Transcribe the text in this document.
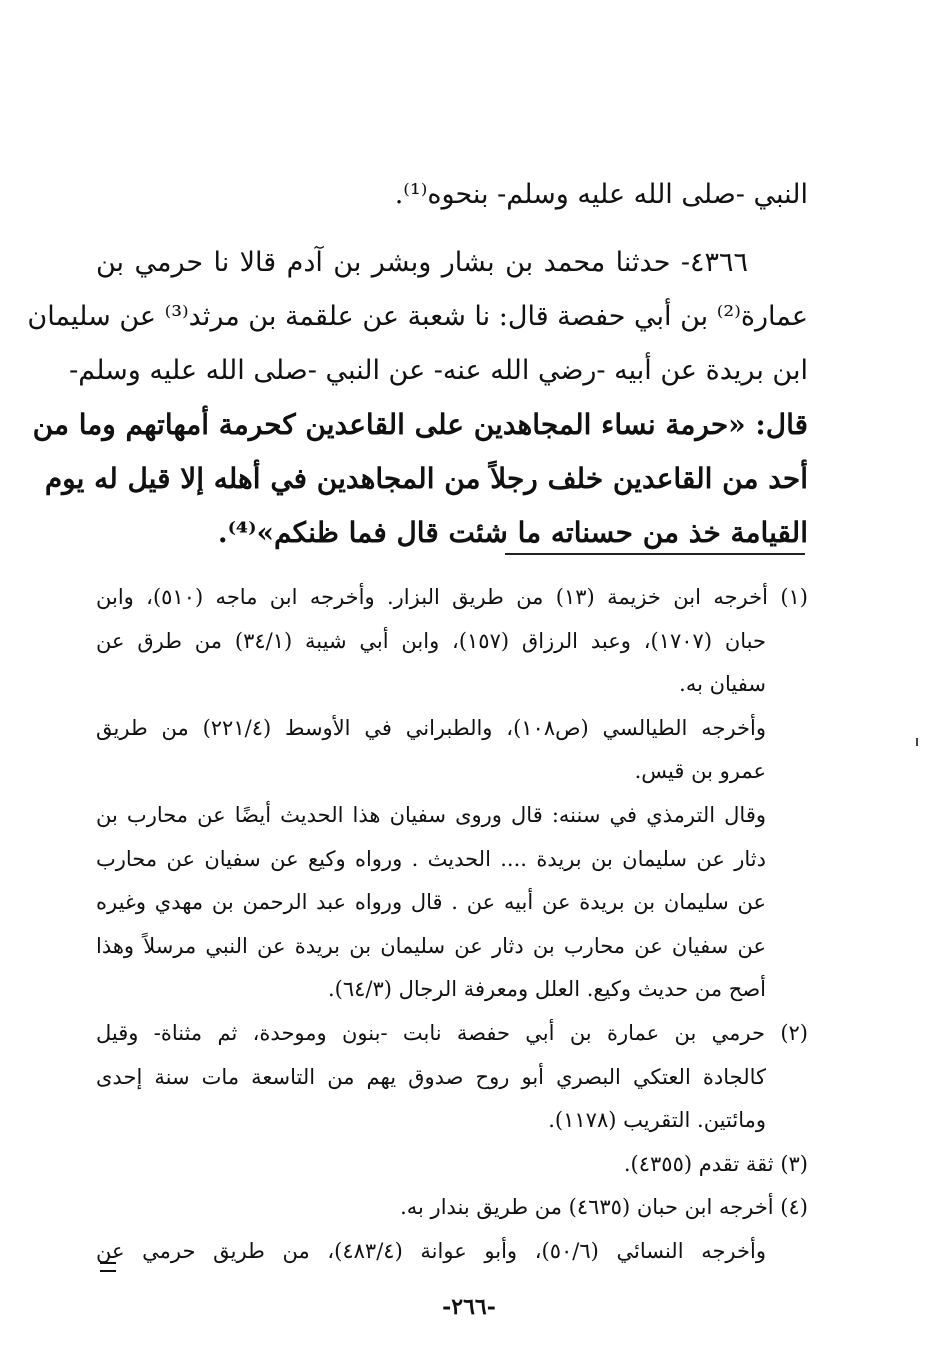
النبي -صلى الله عليه وسلم- بنحوه⁽¹⁾.
٤٣٦٦- حدثنا محمد بن بشار وبشر بن آدم قالا نا حرمي بن
عمارة⁽²⁾ بن أبي حفصة قال: نا شعبة عن علقمة بن مرثد⁽³⁾ عن سليمان
ابن بريدة عن أبيه -رضي الله عنه- عن النبي -صلى الله عليه وسلم-
قال: «حرمة نساء المجاهدين على القاعدين كحرمة أمهاتهم وما من
أحد من القاعدين خلف رجلاً من المجاهدين في أهله إلا قيل له يوم
القيامة خذ من حسناته ما شئت قال فما ظنكم»⁽⁴⁾.
(١) أخرجه ابن خزيمة (١٣) من طريق البزار. وأخرجه ابن ماجه (٥١٠)، وابن
حبان (١٧٠٧)، وعبد الرزاق (١٥٧)، وابن أبي شيبة (٣٤/١) من طرق عن
سفيان به.
وأخرجه الطيالسي (ص١٠٨)، والطبراني في الأوسط (٢٢١/٤) من طريق
عمرو بن قيس.
وقال الترمذي في سننه: قال وروى سفيان هذا الحديث أيضًا عن محارب بن
دثار عن سليمان بن بريدة .... الحديث . ورواه وكيع عن سفيان عن محارب
عن سليمان بن بريدة عن أبيه عن . قال ورواه عبد الرحمن بن مهدي وغيره
عن سفيان عن محارب بن دثار عن سليمان بن بريدة عن النبي مرسلاً وهذا
أصح من حديث وكيع. العلل ومعرفة الرجال (٦٤/٣).
(٢) حرمي بن عمارة بن أبي حفصة نابت -بنون وموحدة، ثم مثناة- وقيل
كالجادة العتكي البصري أبو روح صدوق يهم من التاسعة مات سنة إحدى
ومائتين. التقريب (١١٧٨).
(٣) ثقة تقدم (٤٣٥٥).
(٤) أخرجه ابن حبان (٤٦٣٥) من طريق بندار به.
وأخرجه النسائي (٥٠/٦)، وأبو عوانة (٤٨٣/٤)، من طريق حرمي عن
-٢٦٦-
